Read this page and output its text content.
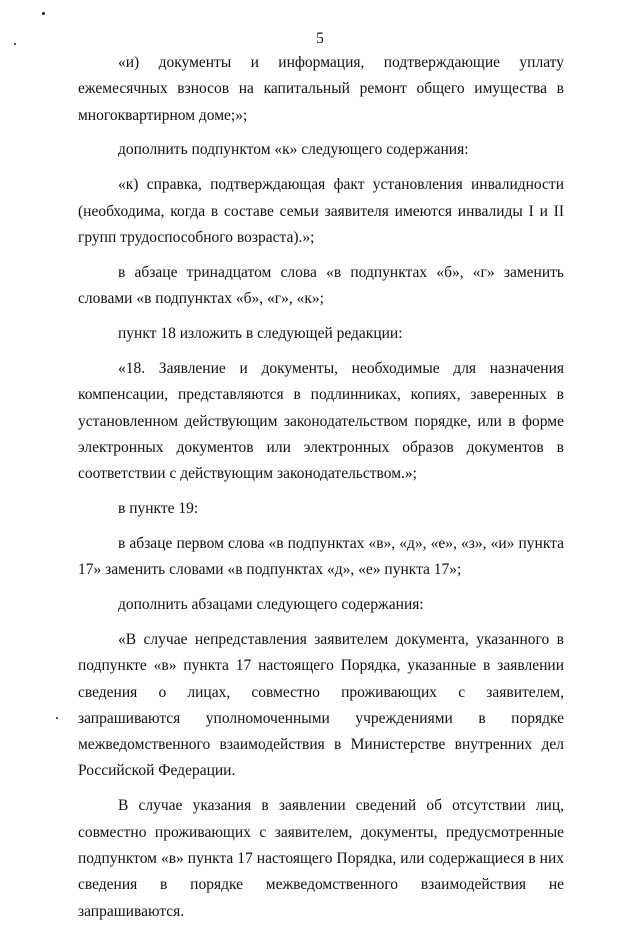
5

«и) документы и информация, подтверждающие уплату ежемесячных взносов на капитальный ремонт общего имущества в многоквартирном доме;»;

дополнить подпунктом «к» следующего содержания:

«к) справка, подтверждающая факт установления инвалидности (необходима, когда в составе семьи заявителя имеются инвалиды I и II групп трудоспособного возраста).»;

в абзаце тринадцатом слова «в подпунктах «б», «г» заменить словами «в подпунктах «б», «г», «к»;

пункт 18 изложить в следующей редакции:

«18. Заявление и документы, необходимые для назначения компенсации, представляются в подлинниках, копиях, заверенных в установленном действующим законодательством порядке, или в форме электронных документов или электронных образов документов в соответствии с действующим законодательством.»;

в пункте 19:

в абзаце первом слова «в подпунктах «в», «д», «е», «з», «и» пункта 17» заменить словами «в подпунктах «д», «е» пункта 17»;

дополнить абзацами следующего содержания:

«В случае непредставления заявителем документа, указанного в подпункте «в» пункта 17 настоящего Порядка, указанные в заявлении сведения о лицах, совместно проживающих с заявителем, запрашиваются уполномоченными учреждениями в порядке межведомственного взаимодействия в Министерстве внутренних дел Российской Федерации.

В случае указания в заявлении сведений об отсутствии лиц, совместно проживающих с заявителем, документы, предусмотренные подпунктом «в» пункта 17 настоящего Порядка, или содержащиеся в них сведения в порядке межведомственного взаимодействия не запрашиваются.
